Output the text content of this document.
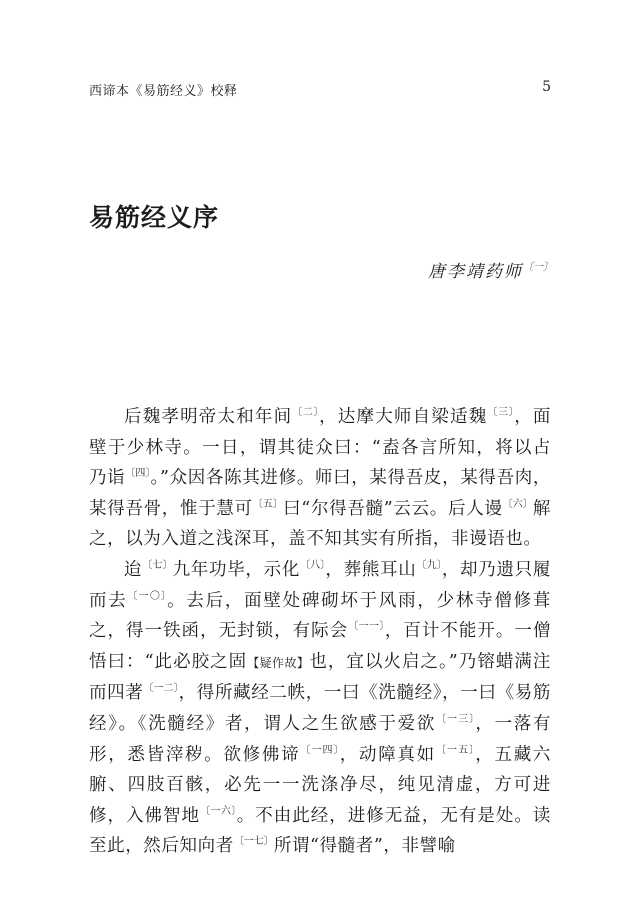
西谛本《易筋经义》校释	5
易筋经义序
唐李靖药师$^{〔一〕}$

后魏孝明帝太和年间$^{〔二〕}$，达摩大师自梁适魏$^{〔三〕}$，面壁于少林寺。一日，谓其徒众曰：“盍各言所知，将以占乃诣$^{〔四〕}$。”众因各陈其进修。师曰，某得吾皮，某得吾肉，某得吾骨，惟于慧可$^{〔五〕}$曰“尔得吾髓”云云。后人谩$^{〔六〕}$解之，以为入道之浅深耳，盖不知其实有所指，非谩语也。

迨$^{〔七〕}$九年功毕，示化$^{〔八〕}$，葬熊耳山$^{〔九〕}$，却乃遗只履而去$^{〔一〇〕}$。去后，面壁处碑砌坏于风雨，少林寺僧修葺之，得一铁函，无封锁，有际会$^{〔一一〕}$，百计不能开。一僧悟曰：“此必胶之固【疑作故】也，宜以火启之。”乃镕蜡满注而四著$^{〔一二〕}$，得所藏经二帙，一曰《洗髓经》，一曰《易筋经》。《洗髓经》者，谓人之生欲感于爱欲$^{〔一三〕}$，一落有形，悉皆滓秽。欲修佛谛$^{〔一四〕}$，动障真如$^{〔一五〕}$，五藏六腑、四肢百骸，必先一一洗涤净尽，纯见清虚，方可进修，入佛智地$^{〔一六〕}$。不由此经，进修无益，无有是处。读至此，然后知向者$^{〔一七〕}$所谓“得髓者”，非譬喻
